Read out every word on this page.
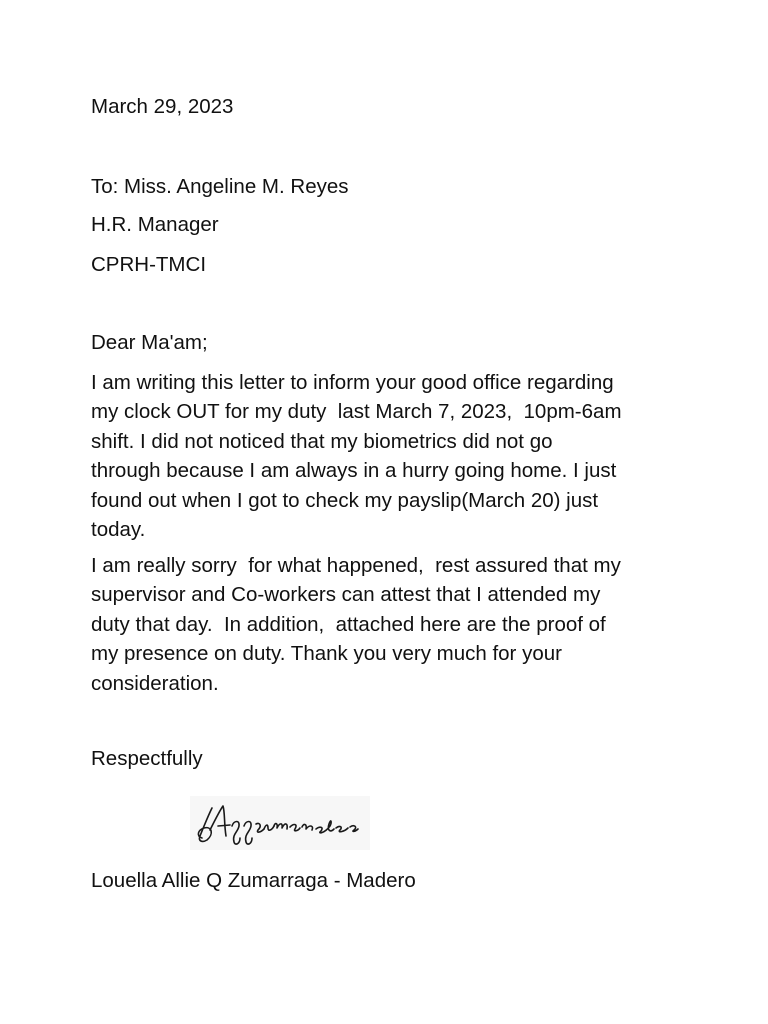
March 29, 2023
To: Miss. Angeline M. Reyes
H.R. Manager
CPRH-TMCI
Dear Ma'am;
I am writing this letter to inform your good office regarding
my clock OUT for my duty  last March 7, 2023,  10pm-6am
shift. I did not noticed that my biometrics did not go
through because I am always in a hurry going home. I just
found out when I got to check my payslip(March 20) just
today.
I am really sorry  for what happened,  rest assured that my
supervisor and Co-workers can attest that I attended my
duty that day.  In addition,  attached here are the proof of
my presence on duty. Thank you very much for your
consideration.
Respectfully
Louella Allie Q Zumarraga - Madero
